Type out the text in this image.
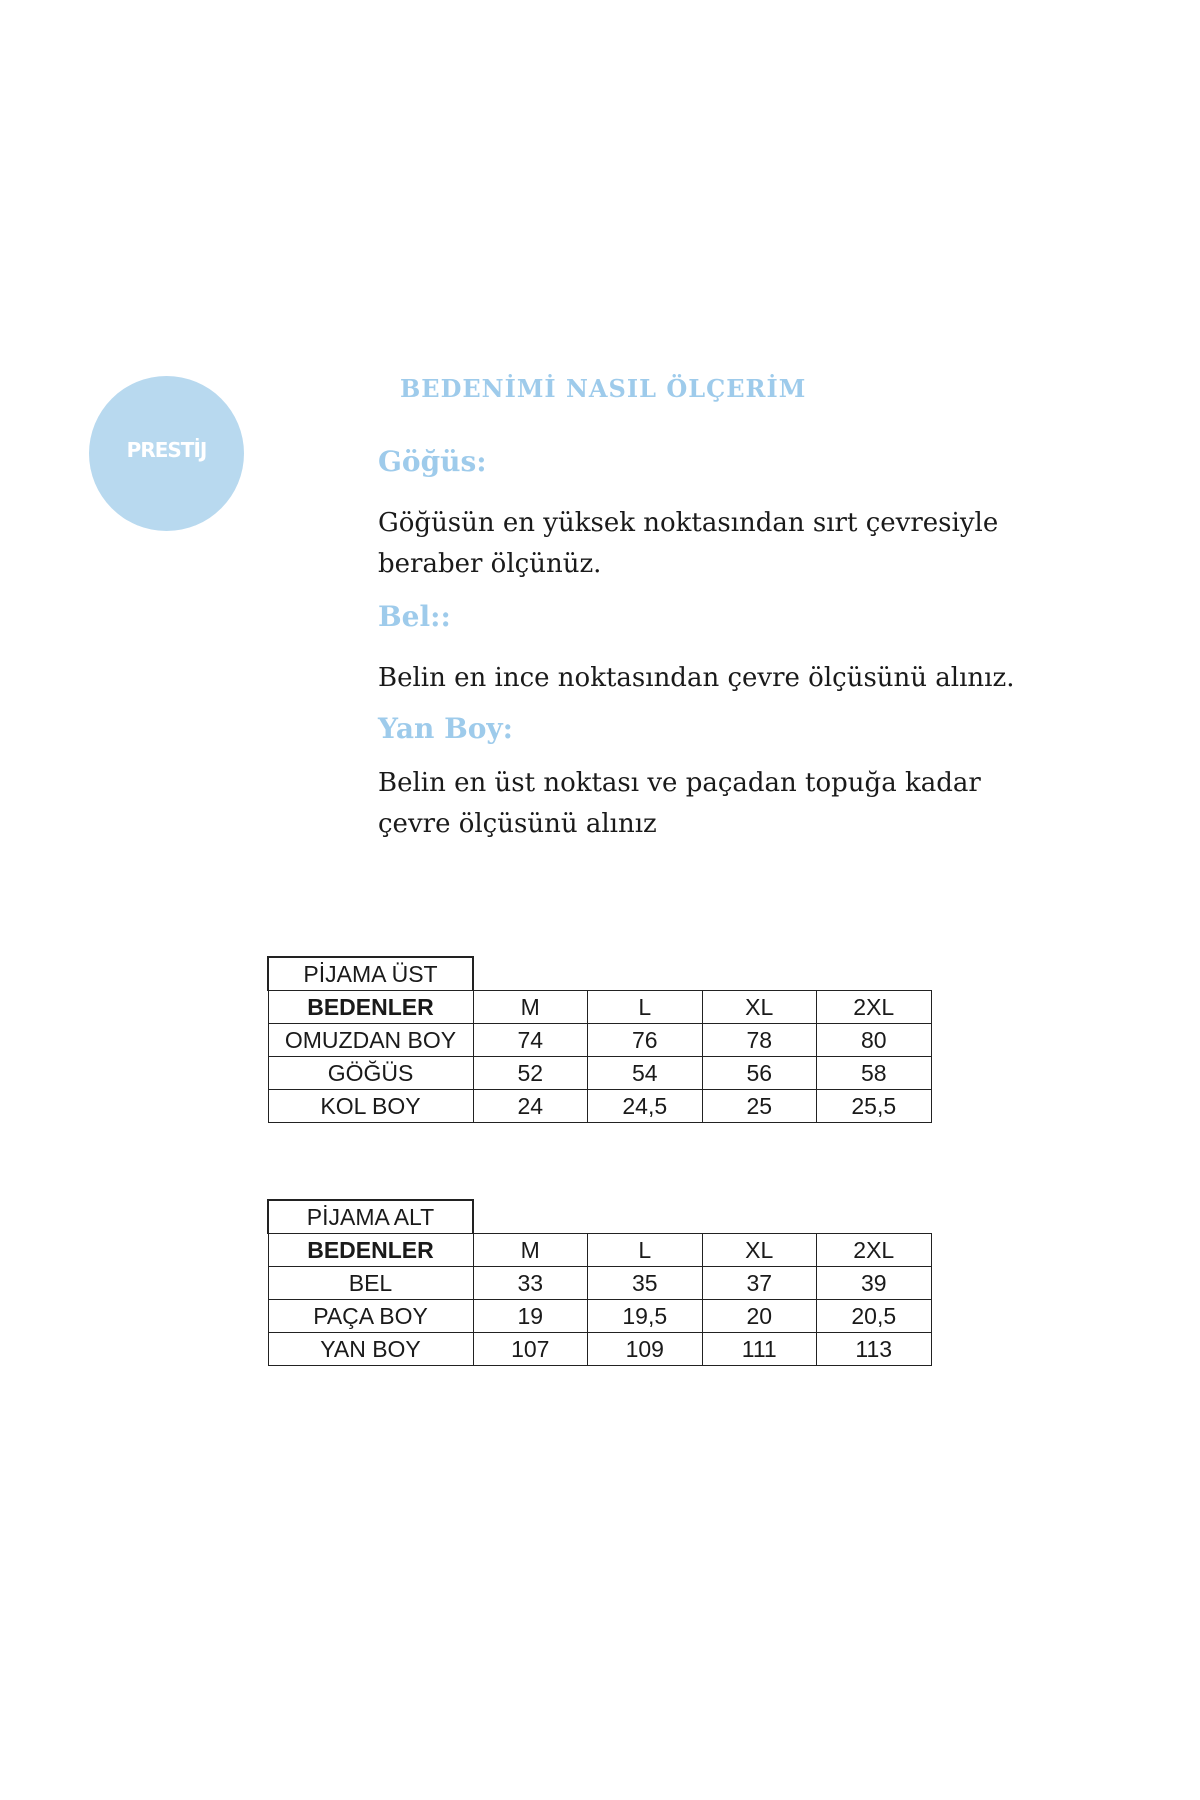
PRESTİJ
BEDENİMİ NASIL ÖLÇERİM
Göğüs:

Göğüsün en yüksek noktasından sırt çevresiyle
beraber ölçünüz.

Bel::

Belin en ince noktasından çevre ölçüsünü alınız.

Yan Boy:

Belin en üst noktası ve paçadan topuğa kadar
çevre ölçüsünü alınız

PİJAMA ÜST				
BEDENLER	M	L	XL	2XL
OMUZDAN BOY	74	76	78	80
GÖĞÜS	52	54	56	58
KOL BOY	24	24,5	25	25,5
PİJAMA ALT				
BEDENLER	M	L	XL	2XL
BEL	33	35	37	39
PAÇA BOY	19	19,5	20	20,5
YAN BOY	107	109	111	113
